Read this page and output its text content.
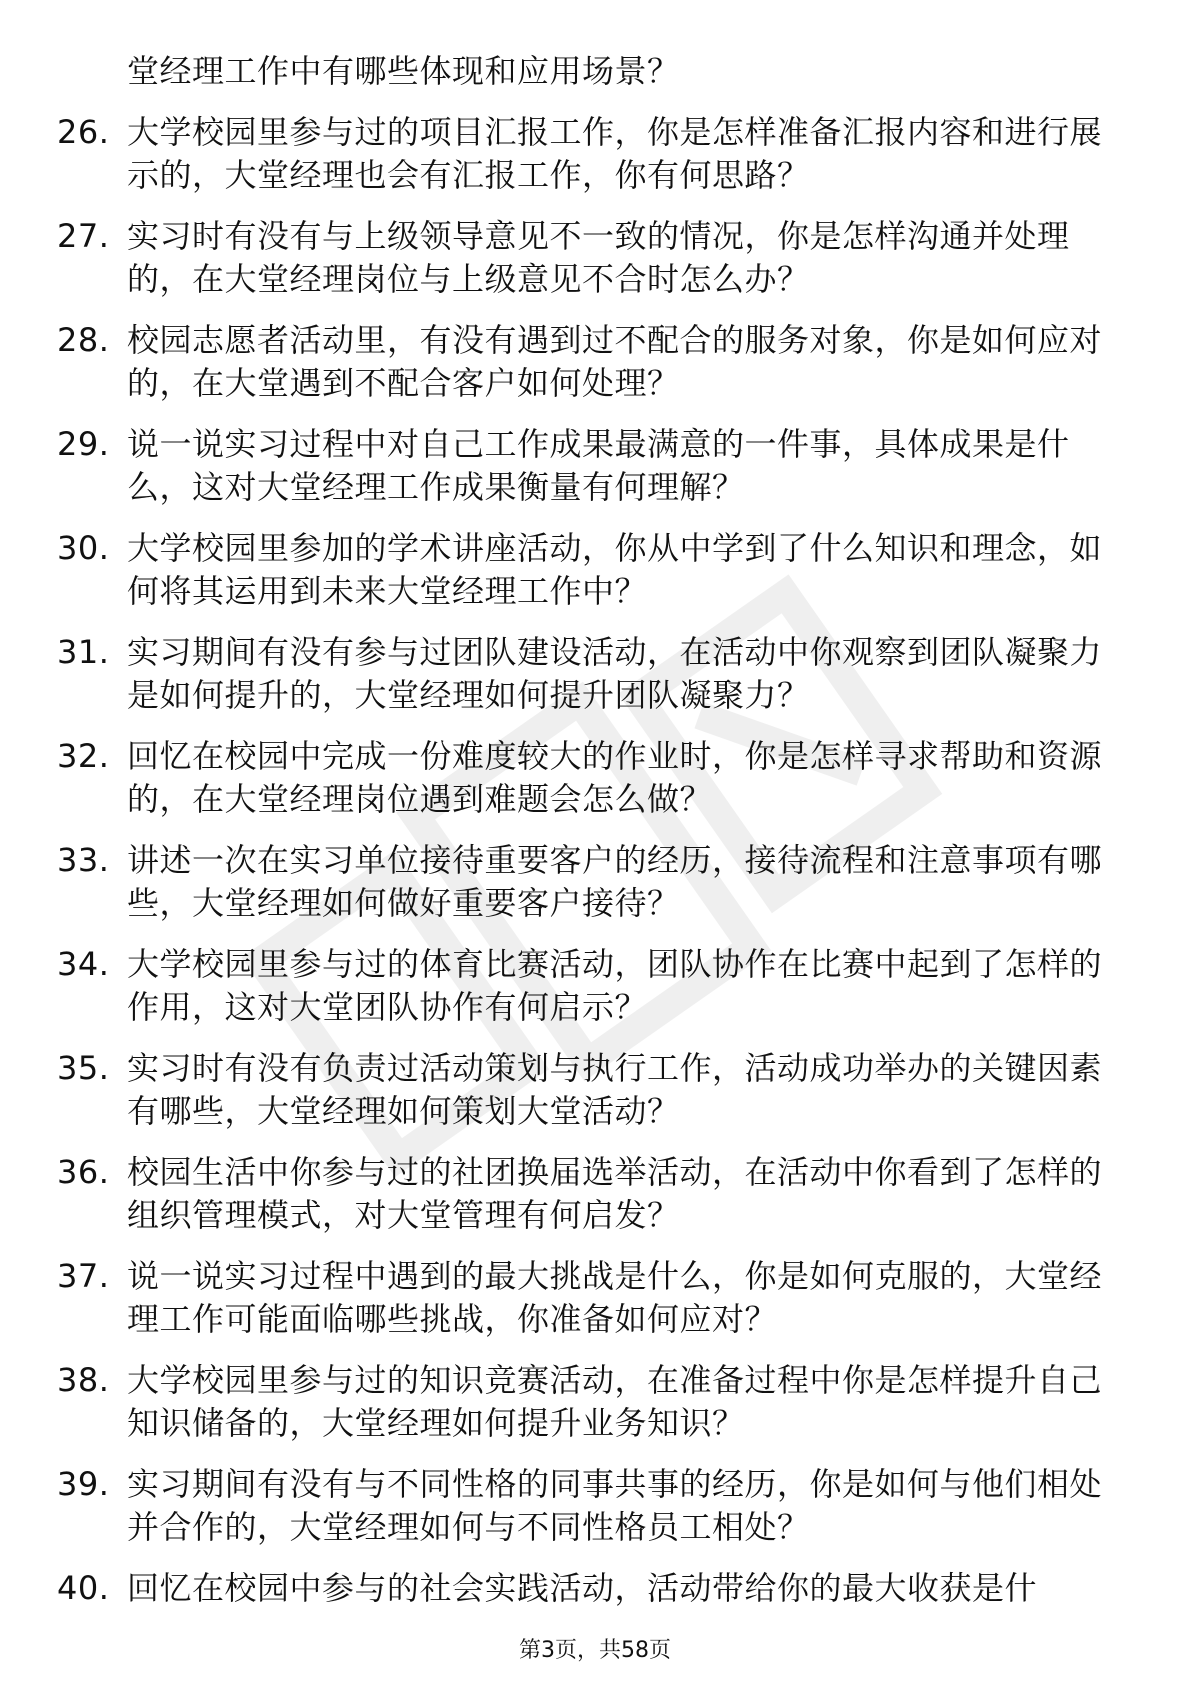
堂经理工作中有哪些体现和应用场景？
26. 大学校园里参与过的项目汇报工作，你是怎样准备汇报内容和进行展示的，大堂经理也会有汇报工作，你有何思路？
27. 实习时有没有与上级领导意见不一致的情况，你是怎样沟通并处理的，在大堂经理岗位与上级意见不合时怎么办？
28. 校园志愿者活动里，有没有遇到过不配合的服务对象，你是如何应对的，在大堂遇到不配合客户如何处理？
29. 说一说实习过程中对自己工作成果最满意的一件事，具体成果是什么，这对大堂经理工作成果衡量有何理解？
30. 大学校园里参加的学术讲座活动，你从中学到了什么知识和理念，如何将其运用到未来大堂经理工作中？
31. 实习期间有没有参与过团队建设活动，在活动中你观察到团队凝聚力是如何提升的，大堂经理如何提升团队凝聚力？
32. 回忆在校园中完成一份难度较大的作业时，你是怎样寻求帮助和资源的，在大堂经理岗位遇到难题会怎么做？
33. 讲述一次在实习单位接待重要客户的经历，接待流程和注意事项有哪些，大堂经理如何做好重要客户接待？
34. 大学校园里参与过的体育比赛活动，团队协作在比赛中起到了怎样的作用，这对大堂团队协作有何启示？
35. 实习时有没有负责过活动策划与执行工作，活动成功举办的关键因素有哪些，大堂经理如何策划大堂活动？
36. 校园生活中你参与过的社团换届选举活动，在活动中你看到了怎样的组织管理模式，对大堂管理有何启发？
37. 说一说实习过程中遇到的最大挑战是什么，你是如何克服的，大堂经理工作可能面临哪些挑战，你准备如何应对？
38. 大学校园里参与过的知识竞赛活动，在准备过程中你是怎样提升自己知识储备的，大堂经理如何提升业务知识？
39. 实习期间有没有与不同性格的同事共事的经历，你是如何与他们相处并合作的，大堂经理如何与不同性格员工相处？
40. 回忆在校园中参与的社会实践活动，活动带给你的最大收获是什
第3页，共58页
